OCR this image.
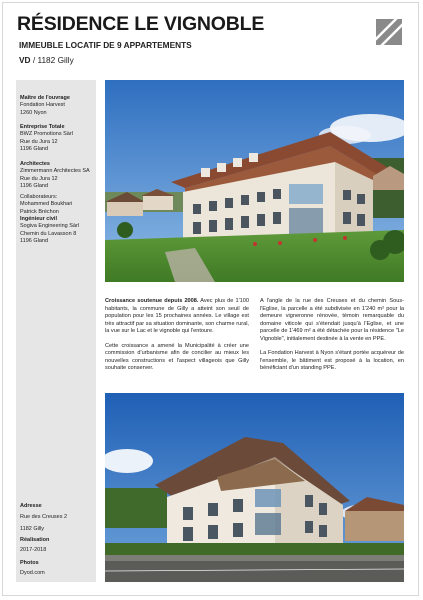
RÉSIDENCE LE VIGNOBLE
IMMEUBLE LOCATIF DE 9 APPARTEMENTS
VD / 1182 Gilly
Maître de l'ouvrage
Fondation Harvest
1260 Nyon
Entreprise Totale
BWZ Promotions Sàrl
Rue du Jura 12
1196 Gland
Architectes
Zimmermann Architectes SA
Rue du Jura 12
1196 Gland
Collaborateurs:
Mohammed Boukhari
Patrick Bréchon
Ingénieur civil
Sogiva Engineering Sàrl
Chemin du Lavasson 8
1196 Gland
Adresse
Rue des Creuses 2
1182 Gilly
Réalisation
2017-2018
Photos
Dyod.com

Croissance soutenue depuis 2008. Avec plus de 1'100 habitants, la commune de Gilly a atteint son seuil de population pour les 15 prochaines années. Le village est très attractif par sa situation dominante, son charme rural, la vue sur le Lac et le vignoble qui l'entoure.

Cette croissance a amené la Municipalité à créer une commission d'urbanisme afin de concilier au mieux les nouvelles constructions et l'aspect villageois que Gilly souhaite conserver.

A l'angle de la rue des Creuses et du chemin Sous-l'Eglise, la parcelle a été subdivisée en 1'240 m² pour la demeure vigneronne rénovée, témoin remarquable du domaine viticole qui s'étendait jusqu'à l'Eglise, et une parcelle de 1'469 m² a été détachée pour la résidence "Le Vignoble", initialement destinée à la vente en PPE.

La Fondation Harvest à Nyon s'étant portée acquéreur de l'ensemble, le bâtiment est proposé à la location, en bénéficiant d'un standing PPE.
